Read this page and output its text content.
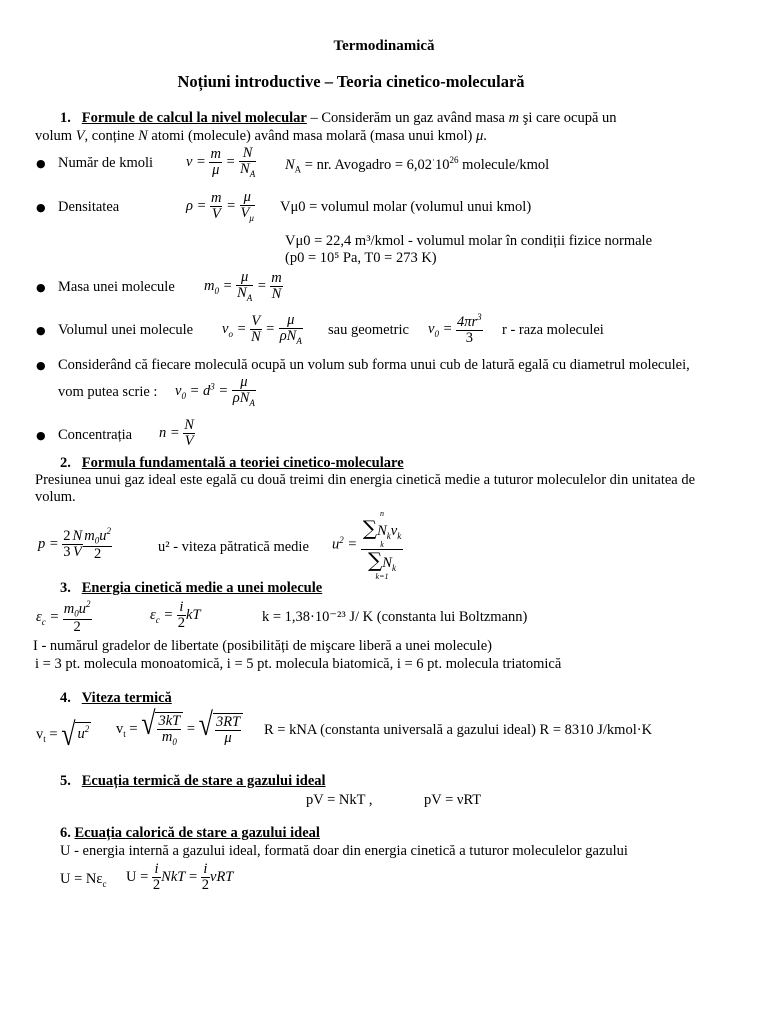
Termodinamică
Noțiuni introductive – Teoria cinetico-moleculară
1. Formule de calcul la nivel molecular – Considerăm un gaz având masa m şi care ocupă un
volum V, conține N atomi (molecule) având masa molară (masa unui kmol) μ.
● Număr de kmoli $\nu = \frac{m}{\mu} = \frac{N}{N_A} N_A$ = nr. Avogadro = $6,02^\cdot 10^{26}$ molecule/kmol
● Densitatea	$\rho = \frac{m}{V} = \frac{\mu}{V_\mu} V\mu 0$ = volumul molar (volumul unui kmol)
Vμ0 = 22,4 m³/kmol - volumul molar în condiții fizice normale
(p0 = 10⁵ Pa, T0 = 273 K)
● Masa unei molecule $m_0 = \frac{\mu}{N_A} = \frac{m}{N}$
● Volumul unei molecule $v_o = \frac{V}{N} = \frac{\mu}{\rho N_A}$ sau geometric $v_0 = \frac{4\pi r^3}{3}$ r - raza moleculei
● Considerând că fiecare moleculă ocupă un volum sub forma unui cub de latură egală cu diametrul moleculei,
vom putea scrie : $v_0 = d^3 = \frac{\mu}{\rho N_A}$
● Concentrația $n = \frac{N}{V}$
2. Formula fundamentală a teoriei cinetico-moleculare
Presiunea unui gaz ideal este egală cu două treimi din energia cinetică medie a tuturor moleculelor din unitatea de
volum.
$p = \frac{2}{3} \frac{N}{V} \frac{m_0u^2}{2}$	u² - viteza pătratică medie $u^2$ =
n
$\sum N_kv_k$
k
$\sum N_k$
k=1
3. Energia cinetică medie a unei molecule
$\varepsilon_c = \frac{m_0u^2}{2}$	$\varepsilon_c = \frac{i}{2}$ kT	k = 1,38·10⁻²³ J/ K (constanta lui Boltzmann)
I - numărul gradelor de libertate (posibilități de mişcare liberă a unei molecule)
i = 3 pt. molecula monoatomică, i = 5 pt. molecula biatomică, i = 6 pt. molecula triatomică
4. Viteza termică
$v_t$ = √ $u^2$ $v_t$ = √ $\frac{3kT}{m_0}$ = √ $\frac{3RT}{\mu}$ R = kNA (constanta universală a gazului ideal) R = 8310 J/kmol·K
5. Ecuația termică de stare a gazului ideal
pV = NkT ,	pV = νRT
6. Ecuația calorică de stare a gazului ideal
U - energia internă a gazului ideal, formată doar din energia cinetică a tuturor moleculelor gazului
$U = N\varepsilon_c$ $U = \frac{i}{2}$ NkT = $\frac{i}{2}$ νRT
